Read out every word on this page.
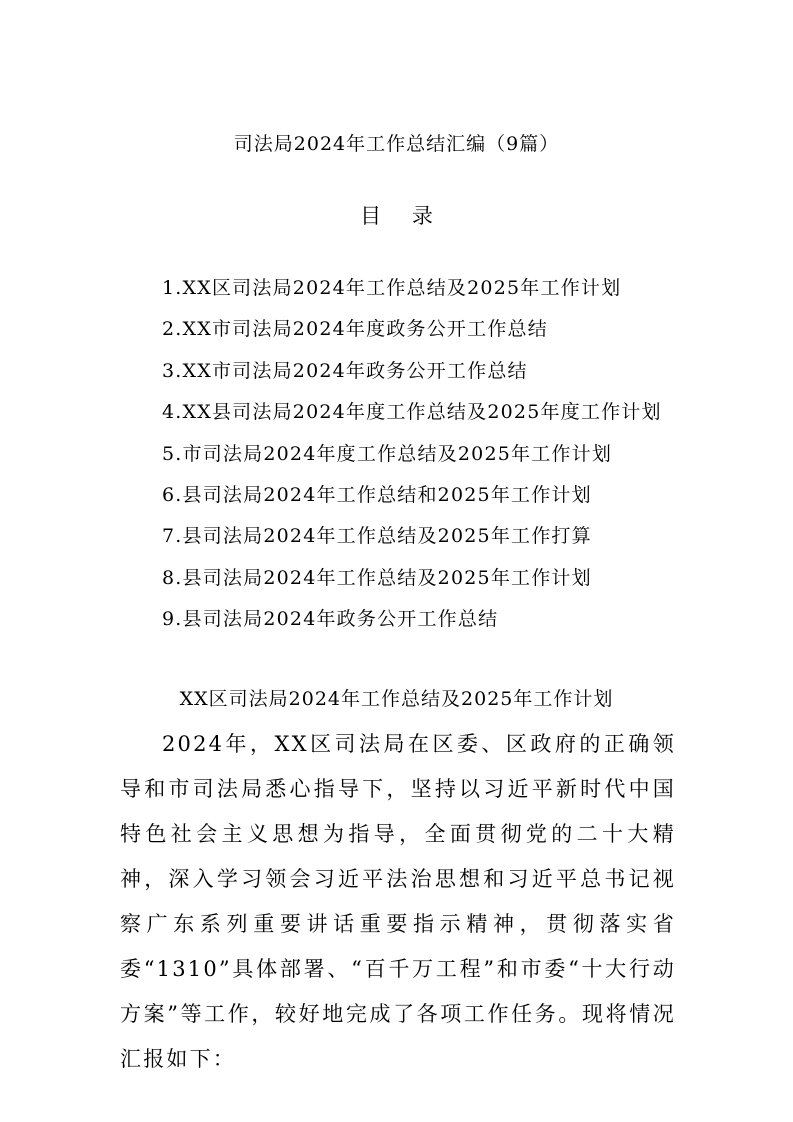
司法局2024年工作总结汇编（9篇）
目 录
1.XX区司法局2024年工作总结及2025年工作计划
2.XX市司法局2024年度政务公开工作总结
3.XX市司法局2024年政务公开工作总结
4.XX县司法局2024年度工作总结及2025年度工作计划
5.市司法局2024年度工作总结及2025年工作计划
6.县司法局2024年工作总结和2025年工作计划
7.县司法局2024年工作总结及2025年工作打算
8.县司法局2024年工作总结及2025年工作计划
9.县司法局2024年政务公开工作总结
XX区司法局2024年工作总结及2025年工作计划

2024年，XX区司法局在区委、区政府的正确领导和市司法局悉心指导下，坚持以习近平新时代中国特色社会主义思想为指导，全面贯彻党的二十大精神，深入学习领会习近平法治思想和习近平总书记视察广东系列重要讲话重要指示精神，贯彻落实省委“1310”具体部署、“百千万工程”和市委“十大行动方案”等工作，较好地完成了各项工作任务。现将情况汇报如下：
